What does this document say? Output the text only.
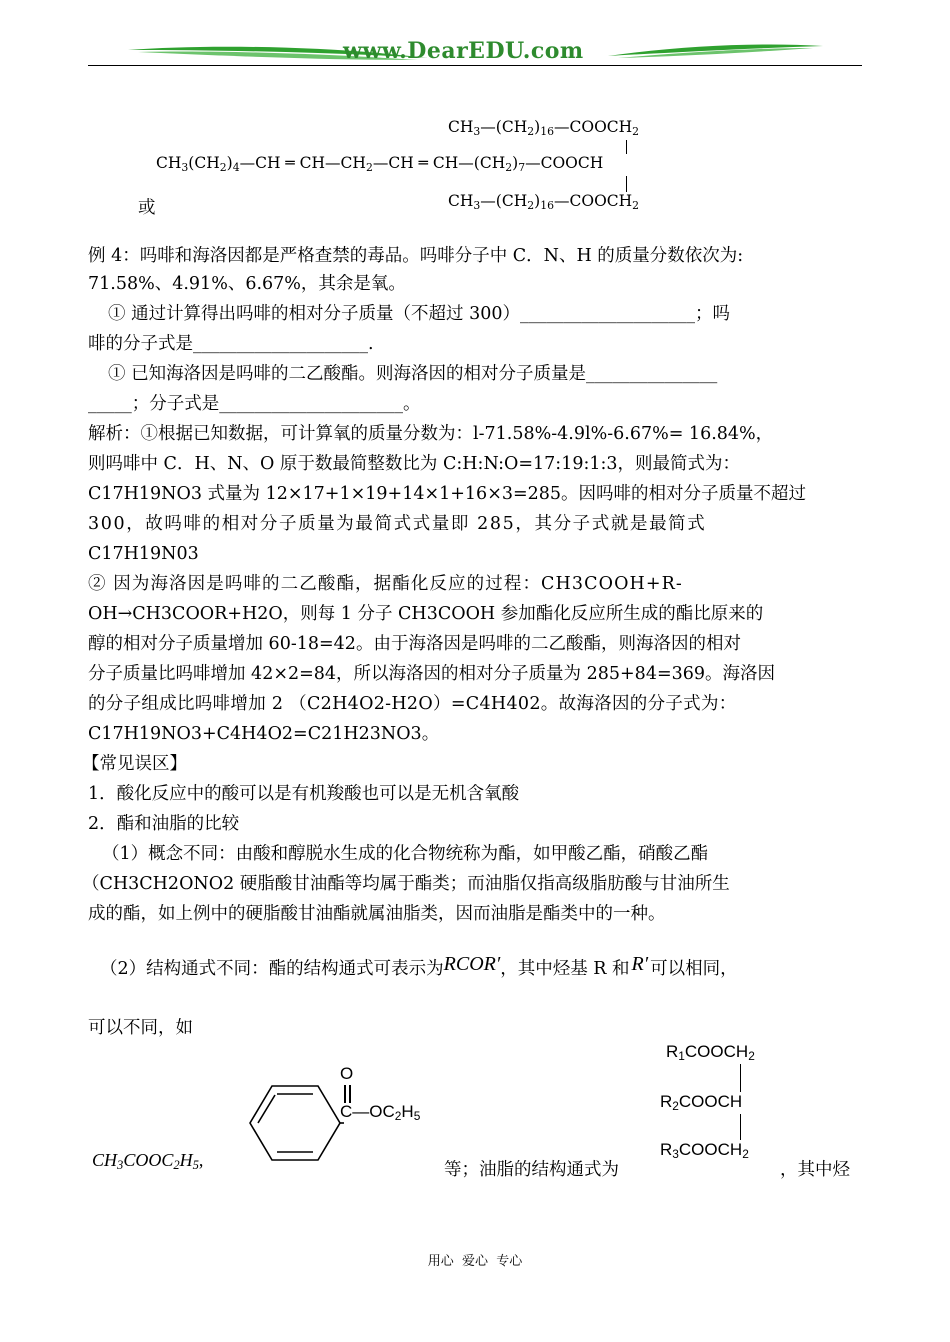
www.DearEDU.com
$CH_3—(CH_2)_{16}—COOCH_2$
$CH_3(CH_2)_4—CH$ ═ $CH—CH_2—CH$ ═ $CH—(CH_2)_7—COOCH$
或	$CH_3—(CH_2)_{16}—COOCH_2$
例 4：吗啡和海洛因都是严格查禁的毒品。吗啡分子中 C．N、H 的质量分数依次为:
71.58%、4.91%、6.67%，其余是氧。
① 通过计算得出吗啡的相对分子质量（不超过 300）____________________；吗
啡的分子式是____________________.
① 已知海洛因是吗啡的二乙酸酯。则海洛因的相对分子质量是_______________
_____；分子式是_____________________。
解析：①根据已知数据，可计算氧的质量分数为：l-71.58%-4.9l%-6.67%= 16.84%，
则吗啡中 C．H、N、O 原于数最简整数比为 C:H:N:O=17:19:1:3，则最简式为：
C17H19NO3 式量为 12×17+1×19+14×1+16×3=285。因吗啡的相对分子质量不超过
300，故吗啡的相对分子质量为最简式式量即 285，其分子式就是最简式
C17H19N03
② 因为海洛因是吗啡的二乙酸酯，据酯化反应的过程：CH3COOH+R-
OH→CH3COOR+H2O，则每 1 分子 CH3COOH 参加酯化反应所生成的酯比原来的
醇的相对分子质量增加 60-18=42。由于海洛因是吗啡的二乙酸酯，则海洛因的相对
分子质量比吗啡增加 42×2=84，所以海洛因的相对分子质量为 285+84=369。海洛因
的分子组成比吗啡增加 2 （C2H4O2-H2O）=C4H402。故海洛因的分子式为：
C17H19NO3+C4H4O2=C21H23NO3。
【常见误区】
1．酸化反应中的酸可以是有机羧酸也可以是无机含氧酸
2．酯和油脂的比较
（1）概念不同：由酸和醇脱水生成的化合物统称为酯，如甲酸乙酯，硝酸乙酯
（CH3CH2ONO2 硬脂酸甘油酯等均属于酯类；而油脂仅指高级脂肪酸与甘油所生
成的酯，如上例中的硬脂酸甘油酯就属油脂类，因而油脂是酯类中的一种。
（2）结构通式不同：酯的结构通式可表示为RCOR′，其中烃基 R 和 R′ 可以相同，
可以不同，如
$CH_3COOC_2H_5$,
O
$C—OC_2H_5$
等；油脂的结构通式为	，其中烃
$R_1COOCH_2$
$R_2COOCH$
$R_3COOCH_2$
用心  爱心  专心
